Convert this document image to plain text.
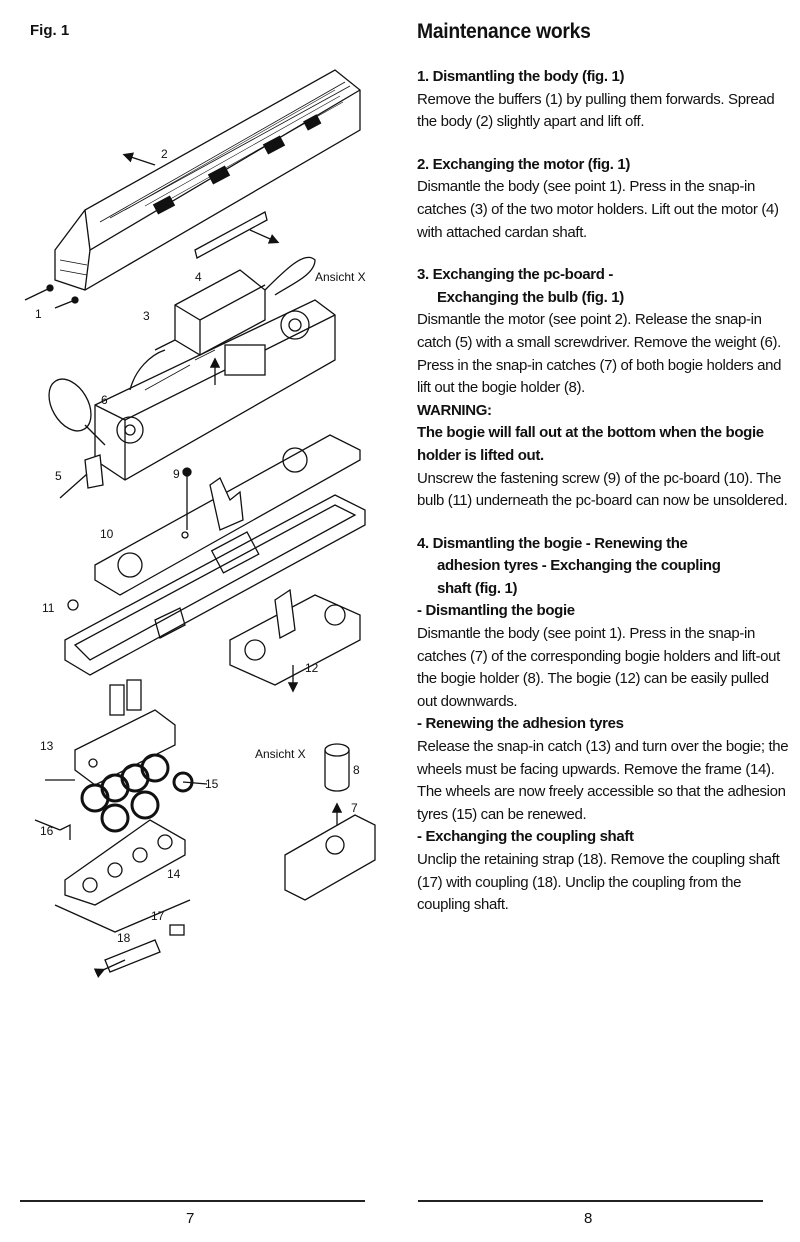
Fig. 1
1
2
3
4
5
6
9
10
11
12
13
14
15
16
17
18
Ansicht X
Ansicht X
8
7
Maintenance works

1. Dismantling the body (fig. 1)

Remove the buffers (1) by pulling them forwards. Spread the body (2) slightly apart and lift off.

2. Exchanging the motor (fig. 1)

Dismantle the body (see point 1). Press in the snap-in catches (3) of the two motor holders. Lift out the motor (4) with attached cardan shaft.

3. Exchanging the pc-board -
Exchanging the bulb (fig. 1)

Dismantle the motor (see point 2). Release the snap-in catch (5) with a small screwdriver. Remove the weight (6). Press in the snap-in catches (7) of both bogie holders and lift out the bogie holder (8).

WARNING:

The bogie will fall out at the bottom when the bogie holder is lifted out.

Unscrew the fastening screw (9) of the pc-board (10). The bulb (11) underneath the pc-board can now be unsoldered.

4. Dismantling the bogie - Renewing the
adhesion tyres - Exchanging the coupling
shaft (fig. 1)

- Dismantling the bogie

Dismantle the body (see point 1). Press in the snap-in catches (7) of the corresponding bogie holders and lift-out the bogie holder (8). The bogie (12) can be easily pulled out downwards.

- Renewing the adhesion tyres

Release the snap-in catch (13) and turn over the bogie; the wheels must be facing upwards. Remove the frame (14). The wheels are now freely accessible so that the adhesion tyres (15) can be renewed.

- Exchanging the coupling shaft

Unclip the retaining strap (18). Remove the coupling shaft (17) with coupling (18). Unclip the coupling from the coupling shaft.

7	8
